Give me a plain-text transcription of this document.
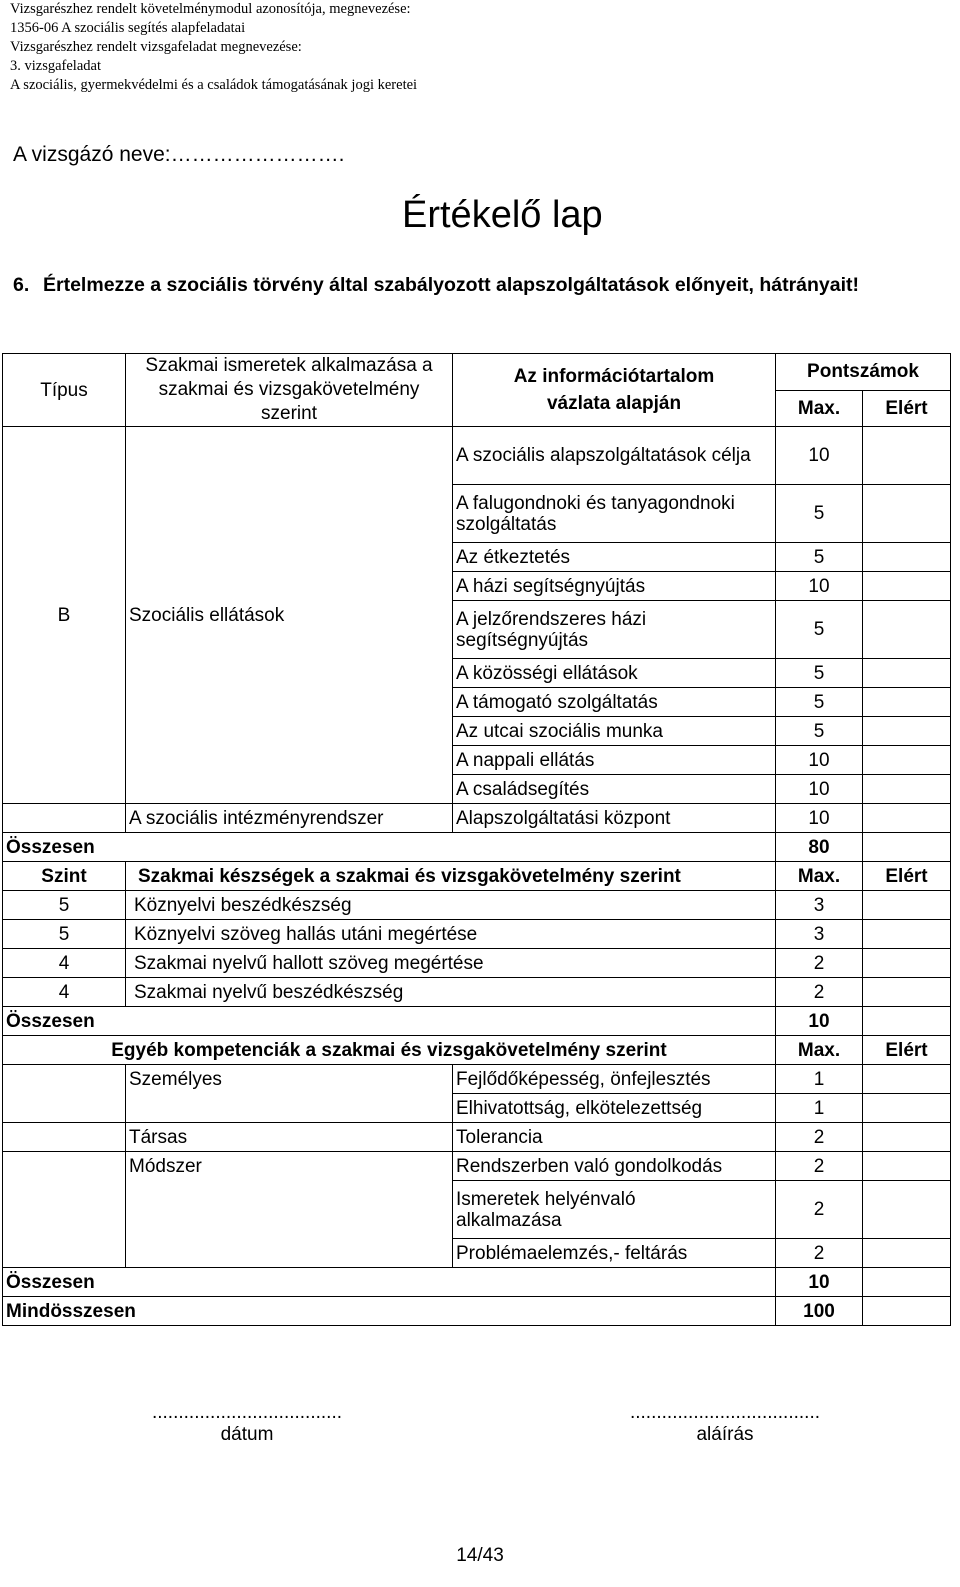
Vizsgarészhez rendelt követelménymodul azonosítója, megnevezése:
1356-06 A szociális segítés alapfeladatai
Vizsgarészhez rendelt vizsgafeladat megnevezése:
3. vizsgafeladat
A szociális, gyermekvédelmi és a családok támogatásának jogi keretei
A vizsgázó neve:…………………….
Értékelő lap
6. Értelmezze a szociális törvény által szabályozott alapszolgáltatások előnyeit, hátrányait!
Típus	Szakmai ismeretek alkalmazása a szakmai és vizsgakövetelmény szerint	Az információtartalom vázlata alapján	Pontszámok	
			Max.	Elért
B	Szociális ellátások	A szociális alapszolgáltatások célja	10	
		A falugondnoki és tanyagondnoki szolgáltatás	5	
		Az étkeztetés	5	
		A házi segítségnyújtás	10	
		A jelzőrendszeres házi segítségnyújtás	5	
		A közösségi ellátások	5	
		A támogató szolgáltatás	5	
		Az utcai szociális munka	5	
		A nappali ellátás	10	
		A családsegítés	10	
	A szociális intézményrendszer	Alapszolgáltatási központ	10	
Összesen			80	
Szint	Szakmai készségek a szakmai és vizsgakövetelmény szerint		Max.	Elért
5	Köznyelvi beszédkészség		3	
5	Köznyelvi szöveg hallás utáni megértése		3	
4	Szakmai nyelvű hallott szöveg megértése		2	
4	Szakmai nyelvű beszédkészség		2	
Összesen			10	
Egyéb kompetenciák a szakmai és vizsgakövetelmény szerint			Max.	Elért
	Személyes	Fejlődőképesség, önfejlesztés	1	
		Elhivatottság, elkötelezettség	1	
	Társas	Tolerancia	2	
	Módszer	Rendszerben való gondolkodás	2	
		Ismeretek helyénvaló alkalmazása	2	
		Problémaelemzés,- feltárás	2	
Összesen			10	
Mindösszesen			100	
....................................
dátum
....................................
aláírás
14/43
